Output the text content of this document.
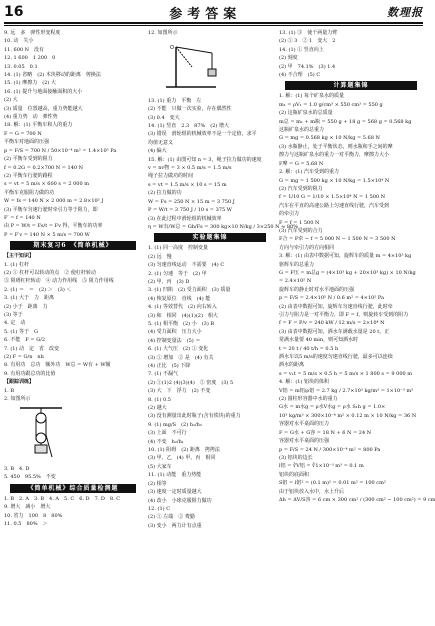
16	参考答案	数理报
9. 远　多　弹性形变程度
10. 动　失小
11. 600 N　没有
12. 1 600　1 200　0
13. 0.05　0.1
14. (1) 省略　(2) 木块移动的距离　剪换法
15. (1) 摩擦力　(2) 大
16. (1) 提升与地面接触面积的大小
(2) 大
(3) 质量　位置越高，重力势能越大
(4) 重力势　动　弹性势
18. 解：(1) 平衡车和人的重力
F = G = 700 N
平衡车对地面的压强
p = F/S = 700 N / 50×10⁻⁴ m² = 1.4×10⁵ Pa
(2) 平衡车受到的阻力
f = 0.2G = 0.2×700 N = 140 N
(2) 平衡车行驶的路程
s = vt = 5 m/s × 600 s = 2 000 m
平衡车克服阻力做的功
W = fs = 140 N × 2 000 m = 2.8×10⁵ J
(3) 平衡车匀速行驶时牵引力等于阻力，即
F′ = f = 140 N
由 P = W/t = Fs/t = Fv 得，平衡车的功率
P = F′v = 140 N × 5 m/s = 700 W
期末复习6　《简单机械》
【主干知识】
1. (1) 杠杆
(2) ① 杠杆可以转动的点　② 使杠杆转动
③ 阻碍杠杆转动　④ 动力作用线　⑤ 阻力作用线
2. (1) ＝　＝　(2) ＞　(3) ＜
3. (1) 大于　力　距离
(2) 小于　距离　力
(3) 等于
4. 定　动
5. (1) 等于　G
6. 不能　F = G/2
7. (1) 动　定　省　改变
(2) F = G/n　nh
8. 有用功　总功　额外功　W总 = W有 + W额
9. 有用功跟总功的比值
【跟踪训练】
1. B
2. 如图所示
3. B　4. D
5. 450　95.5%　不变
《简单机械》综合质量检测题
1. B　2. A　3. B　4. A　5. C　6. D　7. D　8. C
9. 增大　减小　增大
10. 省力　100　8　80%
11. 0.5　80%　＞
12. 如图所示
O
13. (1) 重力　平衡　左
(2) 不能　只做一次实验，存在偶然性
(3) 0.4　变大
14. (1) 竖直　2.3　87%　(2) 增大
(3) 错误　滑轮组的机械效率不是一个定值，求平
均值无意义
(4) 偏大
15. 解：(1) 由图可知 n = 3，绳子拉力做功的速度
v = nv物 = 3 × 0.5 m/s = 1.5 m/s
绳子拉力做功的时间
s = vt = 1.5 m/s × 10 s = 15 m
(2) 拉力做的功
W = Fs = 250 N × 15 m = 3 750 J
P = W/t = 3 750 J / 10 s = 375 W
(3) 在此过程中滑轮组的机械效率
η = W有/W总 = Gh/Fs = 300 kg×10 N/kg / 3×250 N ≈ 80%
实验题集锦
1. (1) 同一高度　控制变量
(2) 远　慢
(3) 匀速直线运动　不需要　(4) C
2. (1) 匀速　等于　(2) 甲
(2) 甲、丙　(3) D
3. (1) 凹陷　(2) 受力面积　(3) 质量
(4) 恢复原位　直线　(4) 能
4. (1) 等效替代　(2) 向右转入
(3) 和　相同　(4)(1)(2)　相大
5. (1) 相平衡　(2) 小　(3) B
(4) 受力面积　压力大小
(4) 控制变量法　(5) ＝
6. (1) 大气压　(2) ① 变化
(3) ① 增加　② 是　(4) 有关
(4) 正比　(5) 下降
7. (1) 不漏气
(2) ①(1)2 (4)(3)(4)　② 密度　(3) 5
(3) 大　下　浮力　(2) 不变
8. (1) 0.5
(2) 越大
(3) 没有测量出此时瓶子(含有铁块)的重力
9. (1) mg/S　(2) h₁/h₂
(3) 上面　不可行
(4) 不变　h₂/h₁
10. (1) 阻碍　(2) 距离　拷拷法
(3) 甲、乙　(4) 甲、丙　相同
(5) 大家车
11. (1) 动能　重力势能
(2) 相等
(3) 速度一定时质量越大
(4) 改小　小球克服阻力做功
12. (1) C
(2) ① 左端　② 费勤
(3) 变小　两力计有点重
13. (1) ③　使千两量力臂
(2) ① 3　② 1　变大　2
14. (1) ① 竖直向上
(2) 刻度
(2) 甲　74.1%　(3) 1.4
(4) 不合理　(5) C
计算题集锦
1. 解：(1) 每个矿泉水的质量
m₁ = ρV₁ = 1.0 g/cm³ × 550 cm³ = 550 g
(2) 这瓶矿泉水的总质量
m总 = m₁ + m瓶 = 550 g + 18 g = 568 g = 0.568 kg
这瓶矿泉水的总重力
G = mg = 0.568 kg × 10 N/kg = 5.68 N
(3) 水瓶静止，处于平衡状态，则水瓶和手之间的摩
擦力与这瓶矿泉水的重力一对平衡力，摩擦力大小
F摩 = G = 5.68 N
2. 解：(1) 汽车受到的重力
G = mg = 1 500 kg × 10 N/kg = 1.5×10⁴ N
(2) 汽车受到的阻力
f = 1/10 G = 1/10 × 1.5×10⁴ N = 1 500 N
汽车在平直的高速公路上匀速直线行驶，汽车受到
的牵引力
F = f = 1 500 N
(3) 汽车受到的合力
F合 = F牵 − f = 5 000 N − 1 500 N = 3 500 N
方向与牵引力的方向相同
3. 解：(1) 由表中数据可知，旋辉车的质量 m = 4×10³ kg
驱辉车的总重力
G = F压 = m总g = (4×10³ kg + 20×10³ kg) × 10 N/kg
= 2.4×10⁵ N
旋辉车的静止时对水平地面的压强
p = F/S = 2.4×10⁵ N / 0.6 m² = 4×10⁵ Pa
(2) 由表中数据可知，旋辉车匀速直线行驶，此时牵
引力与阻力是一对平衡力，即 F = f，则旋转车受到的阻力
f = F = P/v = 240 kW / 12 m/s = 2×10⁴ N
(3) 由表中数据可知，洒水车满载水量是 20 t，正
常满水量要 40 min，则可知洒水时
t = 20 t / 40 t/h = 0.5 h
洒水车以5 m/s的速度匀速直线行驶，最多可以连续
洒水的距离
s = v₁t = 5 m/s × 0.5 h = 5 m/s × 1 800 s = 9 000 m
4. 解：(1) 铝块的体积
V铝 = m铝/ρ铝 = 2.7 kg / 2.7×10³ kg/m³ = 1×10⁻³ m³
(2) 圆柱形容器中水的重力
G水 = m水g = ρ水V水g = ρ水 S₁h g = 1.0×
10³ kg/m³ × 300×10⁻⁴ m² × 0.12 m × 10 N/kg = 36 N
容器对水平桌面的压力
F = G水 + G容 = 18 N + 6 N = 24 N
容器对水平桌面的压强
p = F/S = 24 N / 300×10⁻⁴ m² = 800 Pa
(3) 铝块的边长
l铝 = ∛V铝 = ∛1×10⁻³ m³ = 0.1 m
铝块的底面积
S铝 = l铝² = (0.1 m)² = 0.01 m² = 100 cm²
由于铝块放入水中，水上升后
Δh = ΔV/S容 = 6 cm × 300 cm² / (300 cm² − 100 cm²) = 9 cm
